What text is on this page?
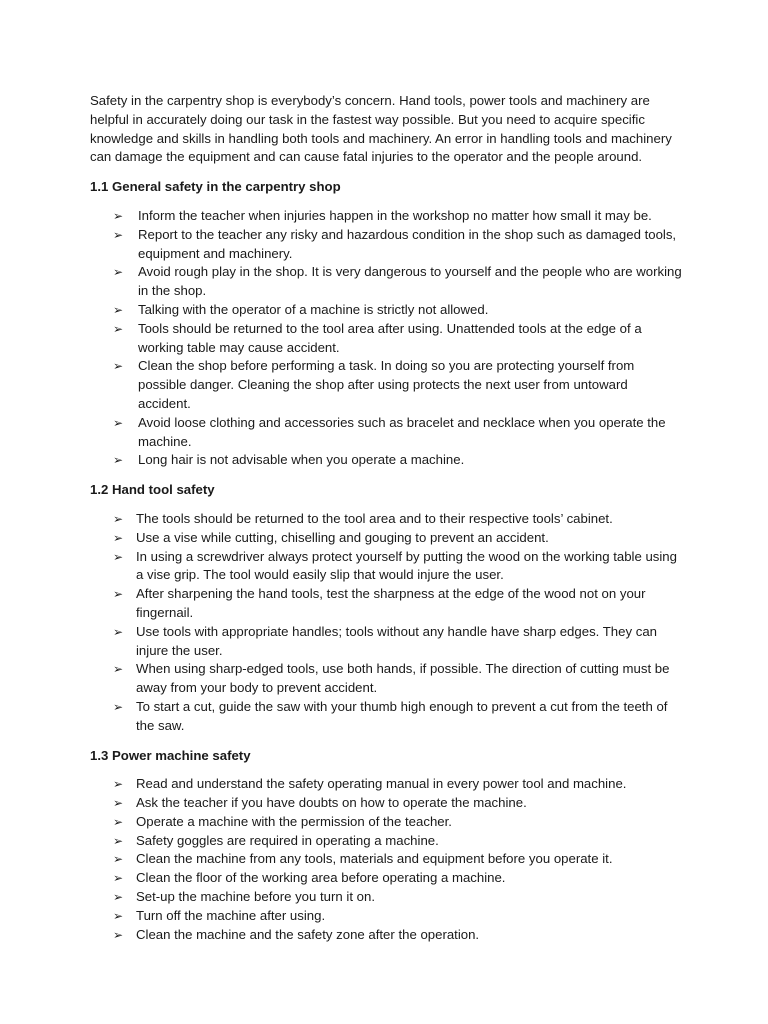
Safety in the carpentry shop is everybody’s concern. Hand tools, power tools and machinery are helpful in accurately doing our task in the fastest way possible. But you need to acquire specific knowledge and skills in handling both tools and machinery. An error in handling tools and machinery can damage the equipment and can cause fatal injuries to the operator and the people around.

1.1 General safety in the carpentry shop

➢	Inform the teacher when injuries happen in the workshop no matter how small it may be.
➢	Report to the teacher any risky and hazardous condition in the shop such as damaged tools, equipment and machinery.
➢	Avoid rough play in the shop. It is very dangerous to yourself and the people who are working in the shop.
➢	Talking with the operator of a machine is strictly not allowed.
➢	Tools should be returned to the tool area after using. Unattended tools at the edge of a working table may cause accident.
➢	Clean the shop before performing a task. In doing so you are protecting yourself from possible danger. Cleaning the shop after using protects the next user from untoward accident.
➢	Avoid loose clothing and accessories such as bracelet and necklace when you operate the machine.
➢	Long hair is not advisable when you operate a machine.

1.2 Hand tool safety

➢ The tools should be returned to the tool area and to their respective tools’ cabinet.
➢ Use a vise while cutting, chiselling and gouging to prevent an accident.
➢ In using a screwdriver always protect yourself by putting the wood on the working table using a vise grip. The tool would easily slip that would injure the user.
➢ After sharpening the hand tools, test the sharpness at the edge of the wood not on your fingernail.
➢ Use tools with appropriate handles; tools without any handle have sharp edges. They can injure the user.
➢ When using sharp-edged tools, use both hands, if possible. The direction of cutting must be away from your body to prevent accident.
➢ To start a cut, guide the saw with your thumb high enough to prevent a cut from the teeth of the saw.

1.3 Power machine safety

➢ Read and understand the safety operating manual in every power tool and machine.
➢ Ask the teacher if you have doubts on how to operate the machine.
➢ Operate a machine with the permission of the teacher.
➢ Safety goggles are required in operating a machine.
➢ Clean the machine from any tools, materials and equipment before you operate it.
➢ Clean the floor of the working area before operating a machine.
➢ Set-up the machine before you turn it on.
➢ Turn off the machine after using.
➢ Clean the machine and the safety zone after the operation.
